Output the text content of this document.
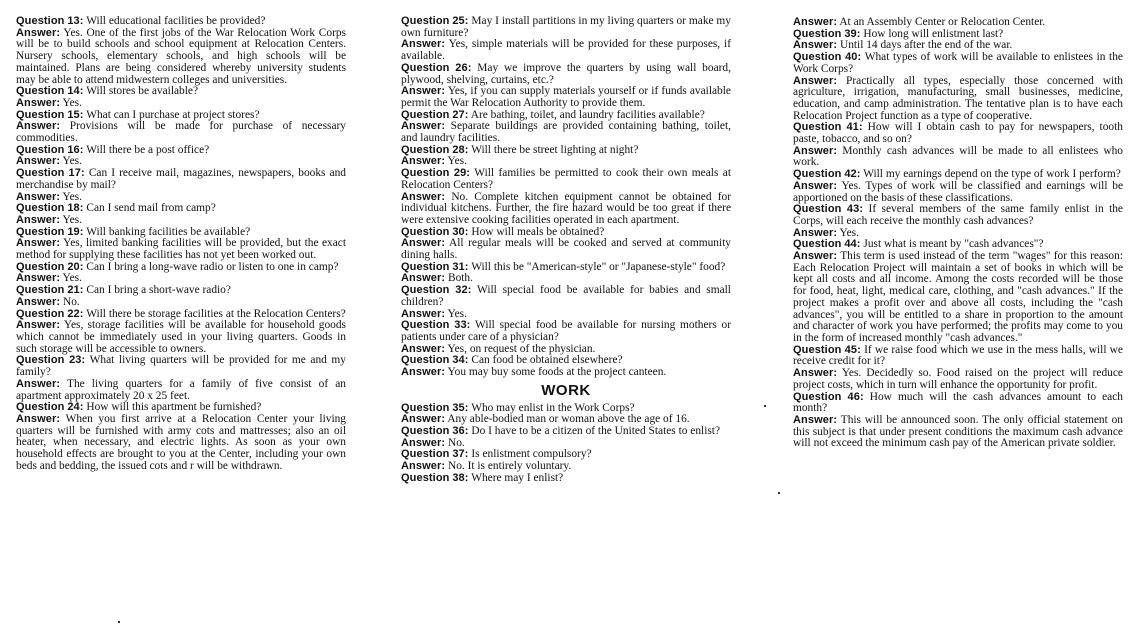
Question 13: Will educational facilities be provided?

Answer: Yes. One of the first jobs of the War Relocation Work Corps will be to build schools and school equipment at Relocation Centers. Nursery schools, elementary schools, and high schools will be maintained. Plans are being considered whereby university students may be able to attend midwestern colleges and universities.

Question 14: Will stores be available?

Answer: Yes.

Question 15: What can I purchase at project stores?

Answer: Provisions will be made for purchase of necessary commodities.

Question 16: Will there be a post office?

Answer: Yes.

Question 17: Can I receive mail, magazines, newspapers, books and merchandise by mail?

Answer: Yes.

Question 18: Can I send mail from camp?

Answer: Yes.

Question 19: Will banking facilities be available?

Answer: Yes, limited banking facilities will be provided, but the exact method for supplying these facilities has not yet been worked out.

Question 20: Can I bring a long-wave radio or listen to one in camp?

Answer: Yes.

Question 21: Can I bring a short-wave radio?

Answer: No.

Question 22: Will there be storage facilities at the Relocation Centers?

Answer: Yes, storage facilities will be available for household goods which cannot be immediately used in your living quarters. Goods in such storage will be accessible to owners.

Question 23: What living quarters will be provided for me and my family?

Answer: The living quarters for a family of five consist of an apartment approximately 20 x 25 feet.

Question 24: How will this apartment be furnished?

Answer: When you first arrive at a Relocation Center your living quarters will be furnished with army cots and mattresses; also an oil heater, when necessary, and electric lights. As soon as your own household effects are brought to you at the Center, including your own beds and bedding, the issued cots and r will be withdrawn.

Question 25: May I install partitions in my living quarters or make my own furniture?

Answer: Yes, simple materials will be provided for these purposes, if available.

Question 26: May we improve the quarters by using wall board, plywood, shelving, curtains, etc.?

Answer: Yes, if you can supply materials yourself or if funds available permit the War Relocation Authority to provide them.

Question 27: Are bathing, toilet, and laundry facilities available?

Answer: Separate buildings are provided containing bathing, toilet, and laundry facilities.

Question 28: Will there be street lighting at night?

Answer: Yes.

Question 29: Will families be permitted to cook their own meals at Relocation Centers?

Answer: No. Complete kitchen equipment cannot be obtained for individual kitchens. Further, the fire hazard would be too great if there were extensive cooking facilities operated in each apartment.

Question 30: How will meals be obtained?

Answer: All regular meals will be cooked and served at community dining halls.

Question 31: Will this be "American-style" or "Japanese-style" food?

Answer: Both.

Question 32: Will special food be available for babies and small children?

Answer: Yes.

Question 33: Will special food be available for nursing mothers or patients under care of a physician?

Answer: Yes, on request of the physician.

Question 34: Can food be obtained elsewhere?

Answer: You may buy some foods at the project canteen.

WORK

Question 35: Who may enlist in the Work Corps?

Answer: Any able-bodied man or woman above the age of 16.

Question 36: Do I have to be a citizen of the United States to enlist?

Answer: No.

Question 37: Is enlistment compulsory?

Answer: No. It is entirely voluntary.

Question 38: Where may I enlist?

Answer: At an Assembly Center or Relocation Center.

Question 39: How long will enlistment last?

Answer: Until 14 days after the end of the war.

Question 40: What types of work will be available to enlistees in the Work Corps?

Answer: Practically all types, especially those concerned with agriculture, irrigation, manufacturing, small businesses, medicine, education, and camp administration. The tentative plan is to have each Relocation Project function as a type of cooperative.

Question 41: How will I obtain cash to pay for newspapers, tooth paste, tobacco, and so on?

Answer: Monthly cash advances will be made to all enlistees who work.

Question 42: Will my earnings depend on the type of work I perform?

Answer: Yes. Types of work will be classified and earnings will be apportioned on the basis of these classifications.

Question 43: If several members of the same family enlist in the Corps, will each receive the monthly cash advances?

Answer: Yes.

Question 44: Just what is meant by "cash advances"?

Answer: This term is used instead of the term "wages" for this reason: Each Relocation Project will maintain a set of books in which will be kept all costs and all income. Among the costs recorded will be those for food, heat, light, medical care, clothing, and "cash advances." If the project makes a profit over and above all costs, including the "cash advances", you will be entitled to a share in proportion to the amount and character of work you have performed; the profits may come to you in the form of increased monthly "cash advances."

Question 45: If we raise food which we use in the mess halls, will we receive credit for it?

Answer: Yes. Decidedly so. Food raised on the project will reduce project costs, which in turn will enhance the opportunity for profit.

Question 46: How much will the cash advances amount to each month?

Answer: This will be announced soon. The only official statement on this subject is that under present conditions the maximum cash advance will not exceed the minimum cash pay of the American private soldier.
